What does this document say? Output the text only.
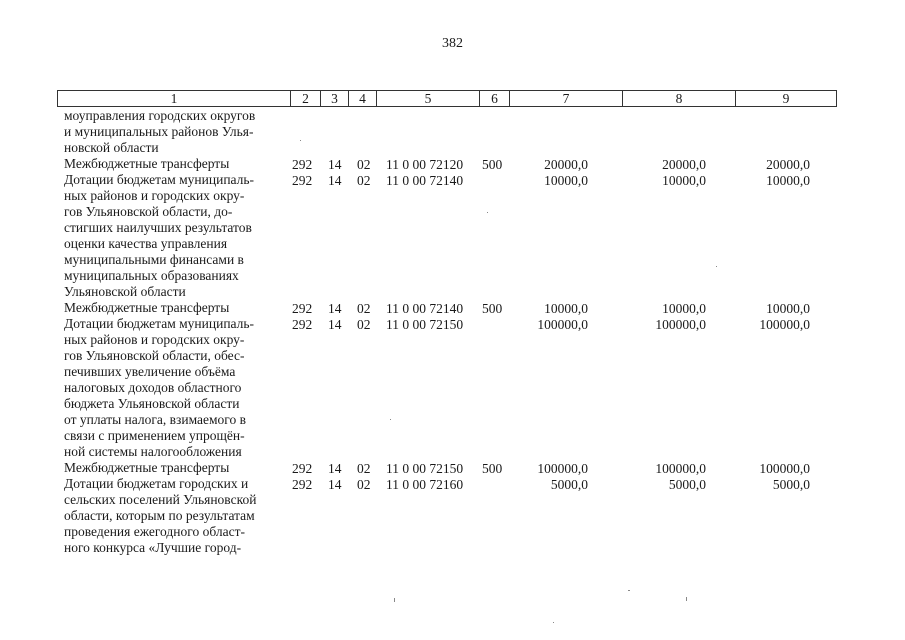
382
1	2	3	4	5	6	7	8	9
моуправления городских округов
и муниципальных районов Улья-
новской области
Межбюджетные трансферты	292 14 02 11 0 00 72120 500	20000,0	20000,0	20000,0
Дотации бюджетам муниципаль-
ных районов и городских окру-
гов Ульяновской области, до-
стигших наилучших результатов
оценки качества управления
муниципальными финансами в
муниципальных образованиях
Ульяновской области
292 14 02 11 0 00 72140	10000,0	10000,0	10000,0
Межбюджетные трансферты	292 14 02 11 0 00 72140 500	10000,0	10000,0	10000,0
Дотации бюджетам муниципаль-
ных районов и городских окру-
гов Ульяновской области, обес-
печивших увеличение объёма
налоговых доходов областного
бюджета Ульяновской области
от уплаты налога, взимаемого в
связи с применением упрощён-
ной системы налогообложения
292 14 02 11 0 00 72150	100000,0	100000,0	100000,0
Межбюджетные трансферты	292 14 02 11 0 00 72150 500	100000,0	100000,0	100000,0
Дотации бюджетам городских и
сельских поселений Ульяновской
области, которым по результатам
проведения ежегодного област-
ного конкурса «Лучшие город-
292 14 02 11 0 00 72160	5000,0	5000,0	5000,0
